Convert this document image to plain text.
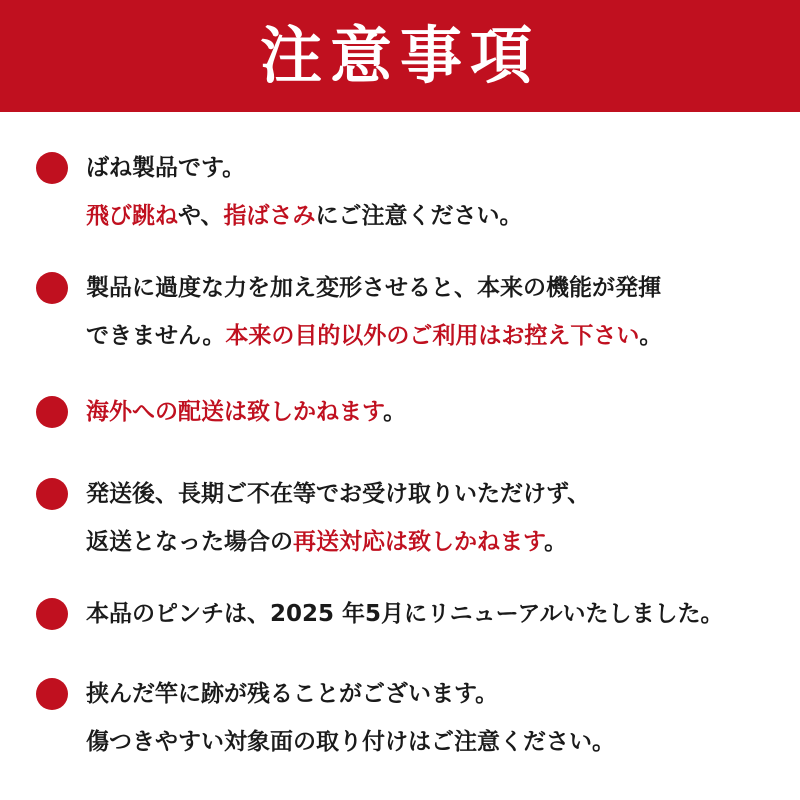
注意事項
ばね製品です。
飛び跳ねや、指ばさみにご注意ください。
製品に過度な力を加え変形させると、本来の機能が発揮
できません。本来の目的以外のご利用はお控え下さい。
海外への配送は致しかねます。
発送後、長期ご不在等でお受け取りいただけず、
返送となった場合の再送対応は致しかねます。
本品のピンチは、2025 年5月にリニューアルいたしました。
挟んだ竿に跡が残ることがございます。
傷つきやすい対象面の取り付けはご注意ください。
